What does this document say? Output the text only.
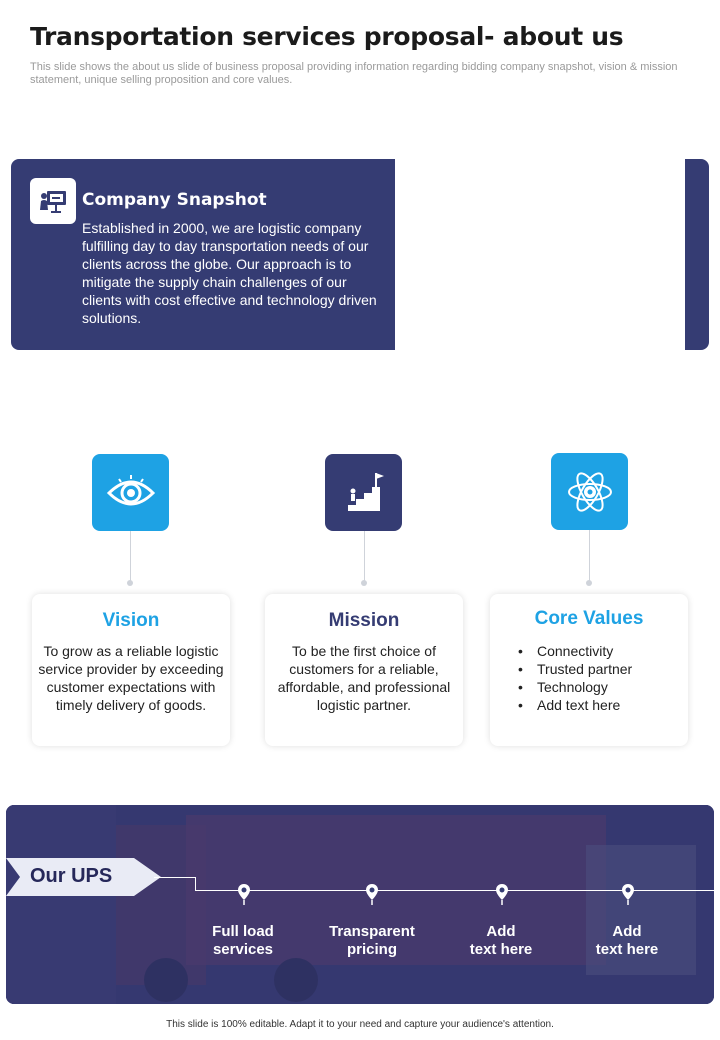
Transportation services proposal- about us

This slide shows the about us slide of business proposal providing information regarding bidding company snapshot, vision & mission statement, unique selling proposition and core values.

Company Snapshot

Established in 2000, we are logistic company fulfilling day to day transportation needs of our clients across the globe. Our approach is to mitigate the supply chain challenges of our clients with cost effective and technology driven solutions.

Vision

To grow as a reliable logistic service provider by exceeding customer expectations with timely delivery of goods.

Mission

To be the first choice of customers for a reliable, affordable, and professional logistic partner.

Core Values
• Connectivity
• Trusted partner
• Technology
• Add text here

Our UPS

Full load
services

Transparent
pricing

Add
text here

Add
text here

This slide is 100% editable. Adapt it to your need and capture your audience's attention.
